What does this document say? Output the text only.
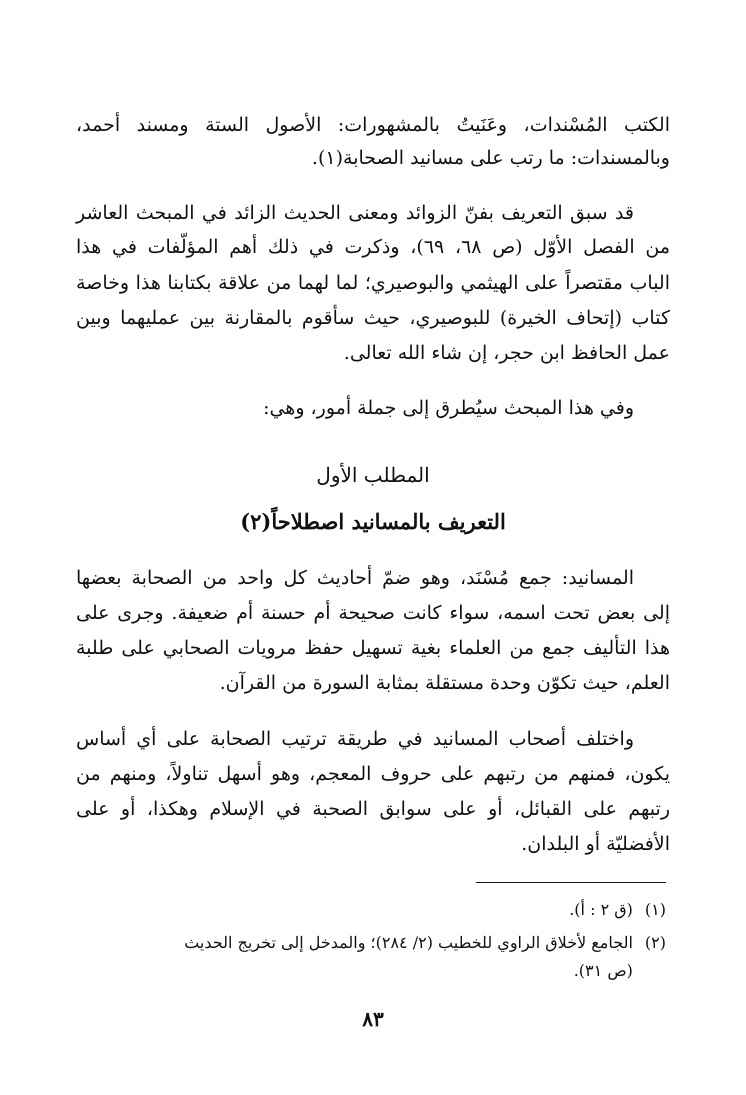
الكتب المُسْندات، وعَنَيتُ بالمشهورات: الأصول الستة ومسند أحمد،
وبالمسندات: ما رتب على مسانيد الصحابة(١).
قد سبق التعريف بفنّ الزوائد ومعنى الحديث الزائد في المبحث العاشر
من الفصل الأوّل (ص ٦٨، ٦٩)، وذكرت في ذلك أهم المؤلّفات في هذا
الباب مقتصراً على الهيثمي والبوصيري؛ لما لهما من علاقة بكتابنا هذا وخاصة
كتاب (إتحاف الخيرة) للبوصيري، حيث سأقوم بالمقارنة بين عمليهما وبين
عمل الحافظ ابن حجر، إن شاء الله تعالى.
وفي هذا المبحث سيُطرق إلى جملة أمور، وهي:
المطلب الأول
التعريف بالمسانيد اصطلاحاً(٢)
المسانيد: جمع مُسْنَد، وهو ضمّ أحاديث كل واحد من الصحابة بعضها
إلى بعض تحت اسمه، سواء كانت صحيحة أم حسنة أم ضعيفة. وجرى على
هذا التأليف جمع من العلماء بغية تسهيل حفظ مرويات الصحابي على طلبة
العلم، حيث تكوّن وحدة مستقلة بمثابة السورة من القرآن.
واختلف أصحاب المسانيد في طريقة ترتيب الصحابة على أي أساس
يكون، فمنهم من رتبهم على حروف المعجم، وهو أسهل تناولاً، ومنهم من
رتبهم على القبائل، أو على سوابق الصحبة في الإسلام وهكذا، أو على
الأفضليّة أو البلدان.
(١) (ق ٢ : أ).
(٢) الجامع لأخلاق الراوي للخطيب (٢/ ٢٨٤)؛ والمدخل إلى تخريج الحديث
(ص ٣١).
٨٣
